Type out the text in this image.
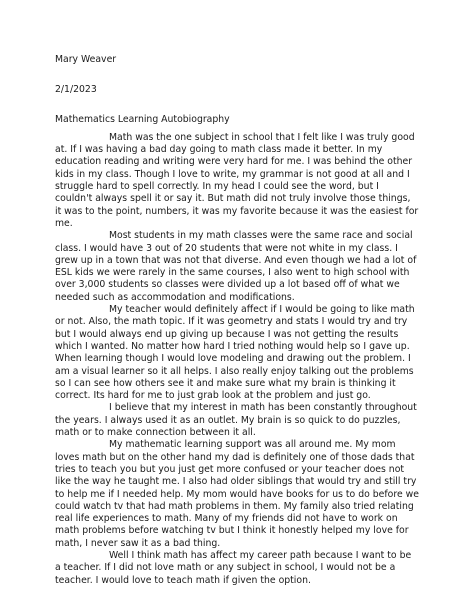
Mary Weaver

2/1/2023

Mathematics Learning Autobiography

Math was the one subject in school that I felt like I was truly good at. If I was having a bad day going to math class made it better. In my education reading and writing were very hard for me. I was behind the other kids in my class. Though I love to write, my grammar is not good at all and I struggle hard to spell correctly. In my head I could see the word, but I couldn't always spell it or say it. But math did not truly involve those things, it was to the point, numbers, it was my favorite because it was the easiest for me.

Most students in my math classes were the same race and social class. I would have 3 out of 20 students that were not white in my class. I grew up in a town that was not that diverse. And even though we had a lot of ESL kids we were rarely in the same courses, I also went to high school with over 3,000 students so classes were divided up a lot based off of what we needed such as accommodation and modifications.

My teacher would definitely affect if I would be going to like math or not. Also, the math topic. If it was geometry and stats I would try and try but I would always end up giving up because I was not getting the results which I wanted. No matter how hard I tried nothing would help so I gave up. When learning though I would love modeling and drawing out the problem. I am a visual learner so it all helps. I also really enjoy talking out the problems so I can see how others see it and make sure what my brain is thinking it correct. Its hard for me to just grab look at the problem and just go.

I believe that my interest in math has been constantly throughout the years. I always used it as an outlet. My brain is so quick to do puzzles, math or to make connection between it all.

My mathematic learning support was all around me. My mom loves math but on the other hand my dad is definitely one of those dads that tries to teach you but you just get more confused or your teacher does not like the way he taught me. I also had older siblings that would try and still try to help me if I needed help. My mom would have books for us to do before we could watch tv that had math problems in them. My family also tried relating real life experiences to math. Many of my friends did not have to work on math problems before watching tv but I think it honestly helped my love for math, I never saw it as a bad thing.

Well I think math has affect my career path because I want to be a teacher. If I did not love math or any subject in school, I would not be a teacher. I would love to teach math if given the option.
